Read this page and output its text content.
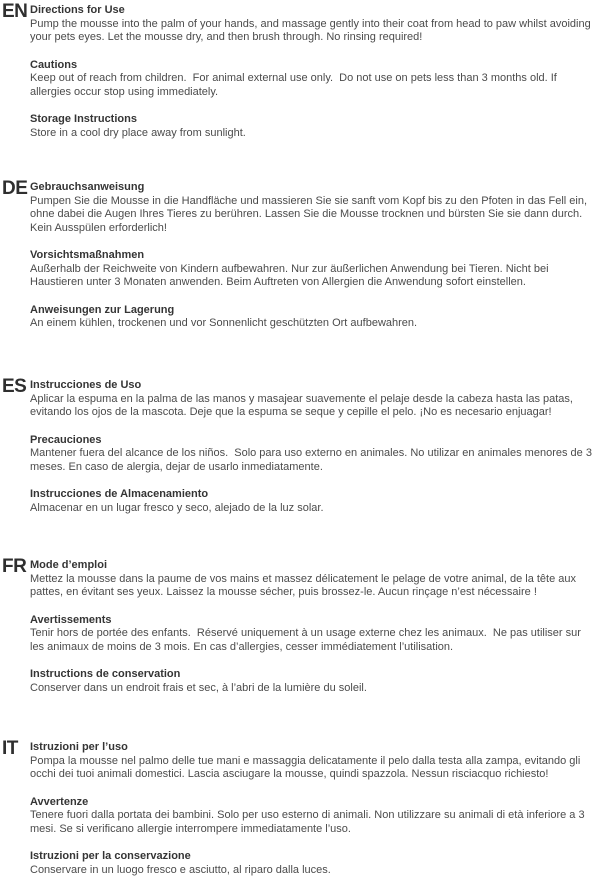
EN Directions for Use
Pump the mousse into the palm of your hands, and massage gently into their coat from head to paw whilst avoiding your pets eyes. Let the mousse dry, and then brush through. No rinsing required!
Cautions
Keep out of reach from children.  For animal external use only.  Do not use on pets less than 3 months old. If allergies occur stop using immediately.
Storage Instructions
Store in a cool dry place away from sunlight.
DE Gebrauchsanweisung
Pumpen Sie die Mousse in die Handfläche und massieren Sie sie sanft vom Kopf bis zu den Pfoten in das Fell ein, ohne dabei die Augen Ihres Tieres zu berühren. Lassen Sie die Mousse trocknen und bürsten Sie sie dann durch. Kein Ausspülen erforderlich!
Vorsichtsmaßnahmen
Außerhalb der Reichweite von Kindern aufbewahren. Nur zur äußerlichen Anwendung bei Tieren. Nicht bei Haustieren unter 3 Monaten anwenden. Beim Auftreten von Allergien die Anwendung sofort einstellen.
Anweisungen zur Lagerung
An einem kühlen, trockenen und vor Sonnenlicht geschützten Ort aufbewahren.
ES Instrucciones de Uso
Aplicar la espuma en la palma de las manos y masajear suavemente el pelaje desde la cabeza hasta las patas, evitando los ojos de la mascota. Deje que la espuma se seque y cepille el pelo. ¡No es necesario enjuagar!
Precauciones
Mantener fuera del alcance de los niños.  Solo para uso externo en animales. No utilizar en animales menores de 3 meses. En caso de alergia, dejar de usarlo inmediatamente.
Instrucciones de Almacenamiento
Almacenar en un lugar fresco y seco, alejado de la luz solar.
FR Mode d’emploi
Mettez la mousse dans la paume de vos mains et massez délicatement le pelage de votre animal, de la tête aux pattes, en évitant ses yeux. Laissez la mousse sécher, puis brossez-le. Aucun rinçage n’est nécessaire !
Avertissements
Tenir hors de portée des enfants.  Réservé uniquement à un usage externe chez les animaux.  Ne pas utiliser sur les animaux de moins de 3 mois. En cas d’allergies, cesser immédiatement l’utilisation.
Instructions de conservation
Conserver dans un endroit frais et sec, à l’abri de la lumière du soleil.
IT Istruzioni per l’uso
Pompa la mousse nel palmo delle tue mani e massaggia delicatamente il pelo dalla testa alla zampa, evitando gli occhi dei tuoi animali domestici. Lascia asciugare la mousse, quindi spazzola. Nessun risciacquo richiesto!
Avvertenze
Tenere fuori dalla portata dei bambini. Solo per uso esterno di animali. Non utilizzare su animali di età inferiore a 3 mesi. Se si verificano allergie interrompere immediatamente l’uso.
Istruzioni per la conservazione
Conservare in un luogo fresco e asciutto, al riparo dalla luces.
